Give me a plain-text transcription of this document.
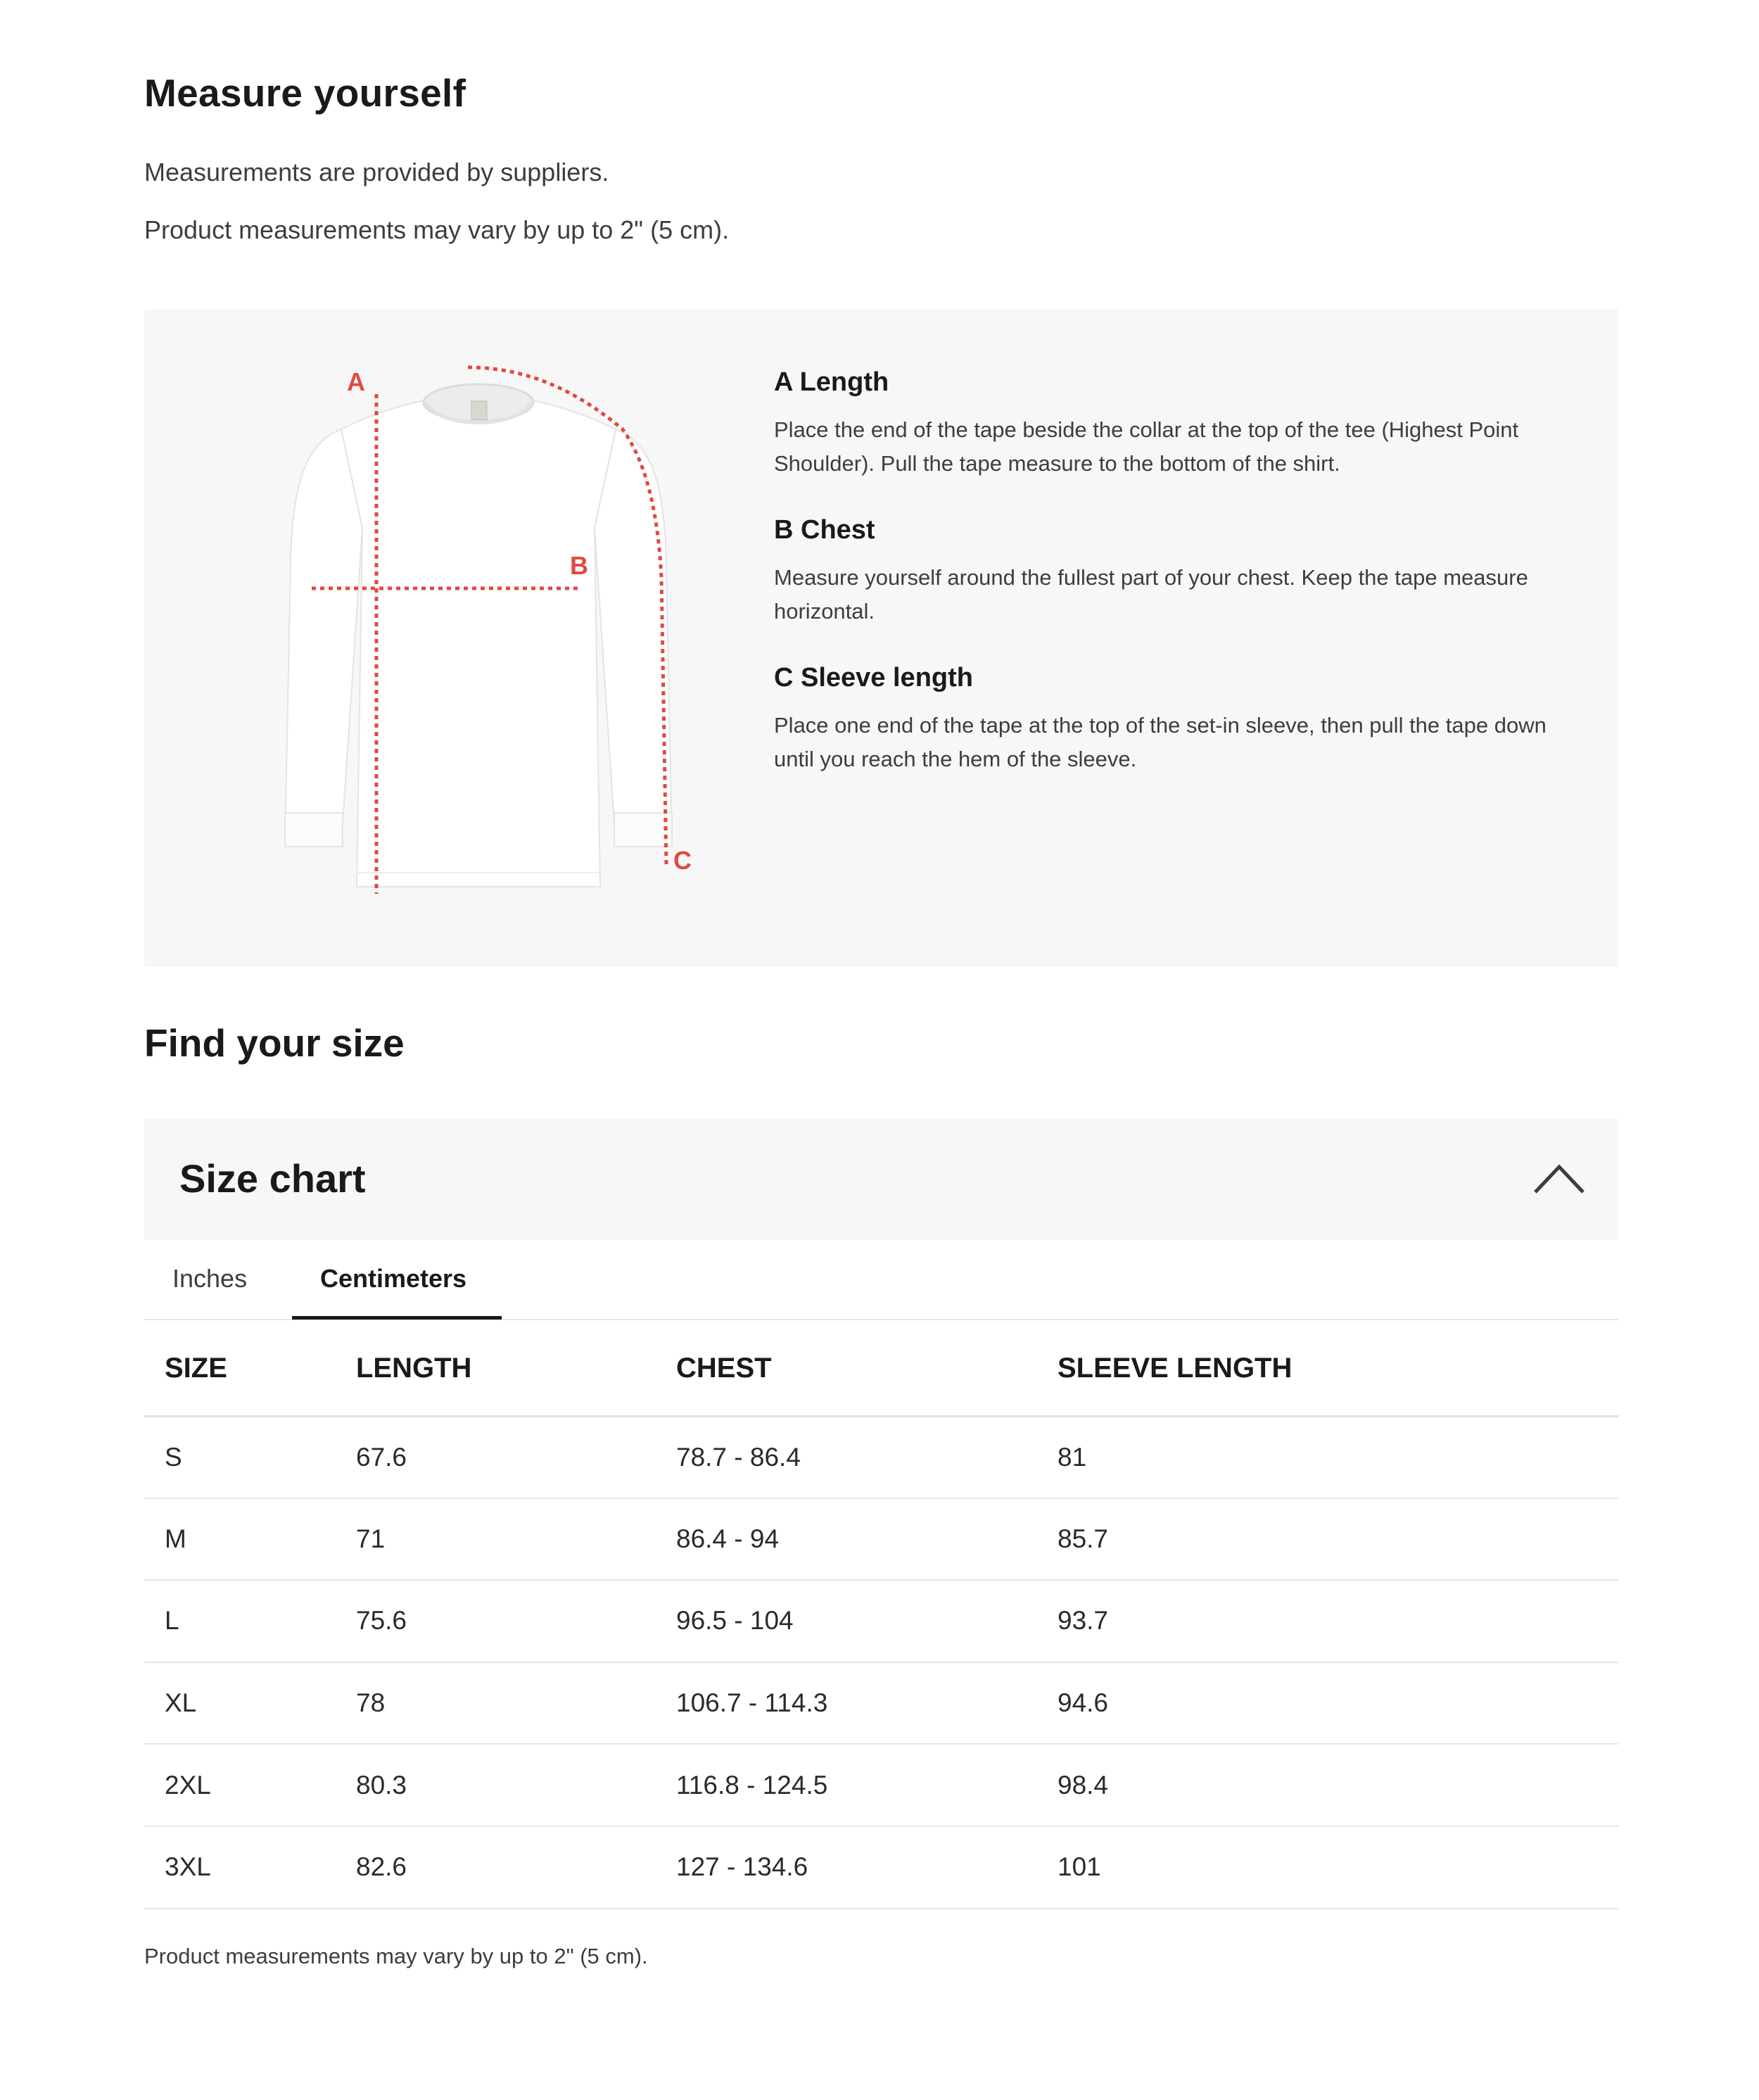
Measure yourself

Measurements are provided by suppliers.

Product measurements may vary by up to 2" (5 cm).

A
B
C
A Length

Place the end of the tape beside the collar at the top of the tee (Highest Point Shoulder). Pull the tape measure to the bottom of the shirt.

B Chest

Measure yourself around the fullest part of your chest. Keep the tape measure horizontal.

C Sleeve length

Place one end of the tape at the top of the set-in sleeve, then pull the tape down until you reach the hem of the sleeve.

Find your size
Size chart
Inches	Centimeters
SIZE	LENGTH	CHEST	SLEEVE LENGTH
S	67.6	78.7 - 86.4	81
M	71	86.4 - 94	85.7
L	75.6	96.5 - 104	93.7
XL	78	106.7 - 114.3	94.6
2XL	80.3	116.8 - 124.5	98.4
3XL	82.6	127 - 134.6	101

Product measurements may vary by up to 2" (5 cm).
